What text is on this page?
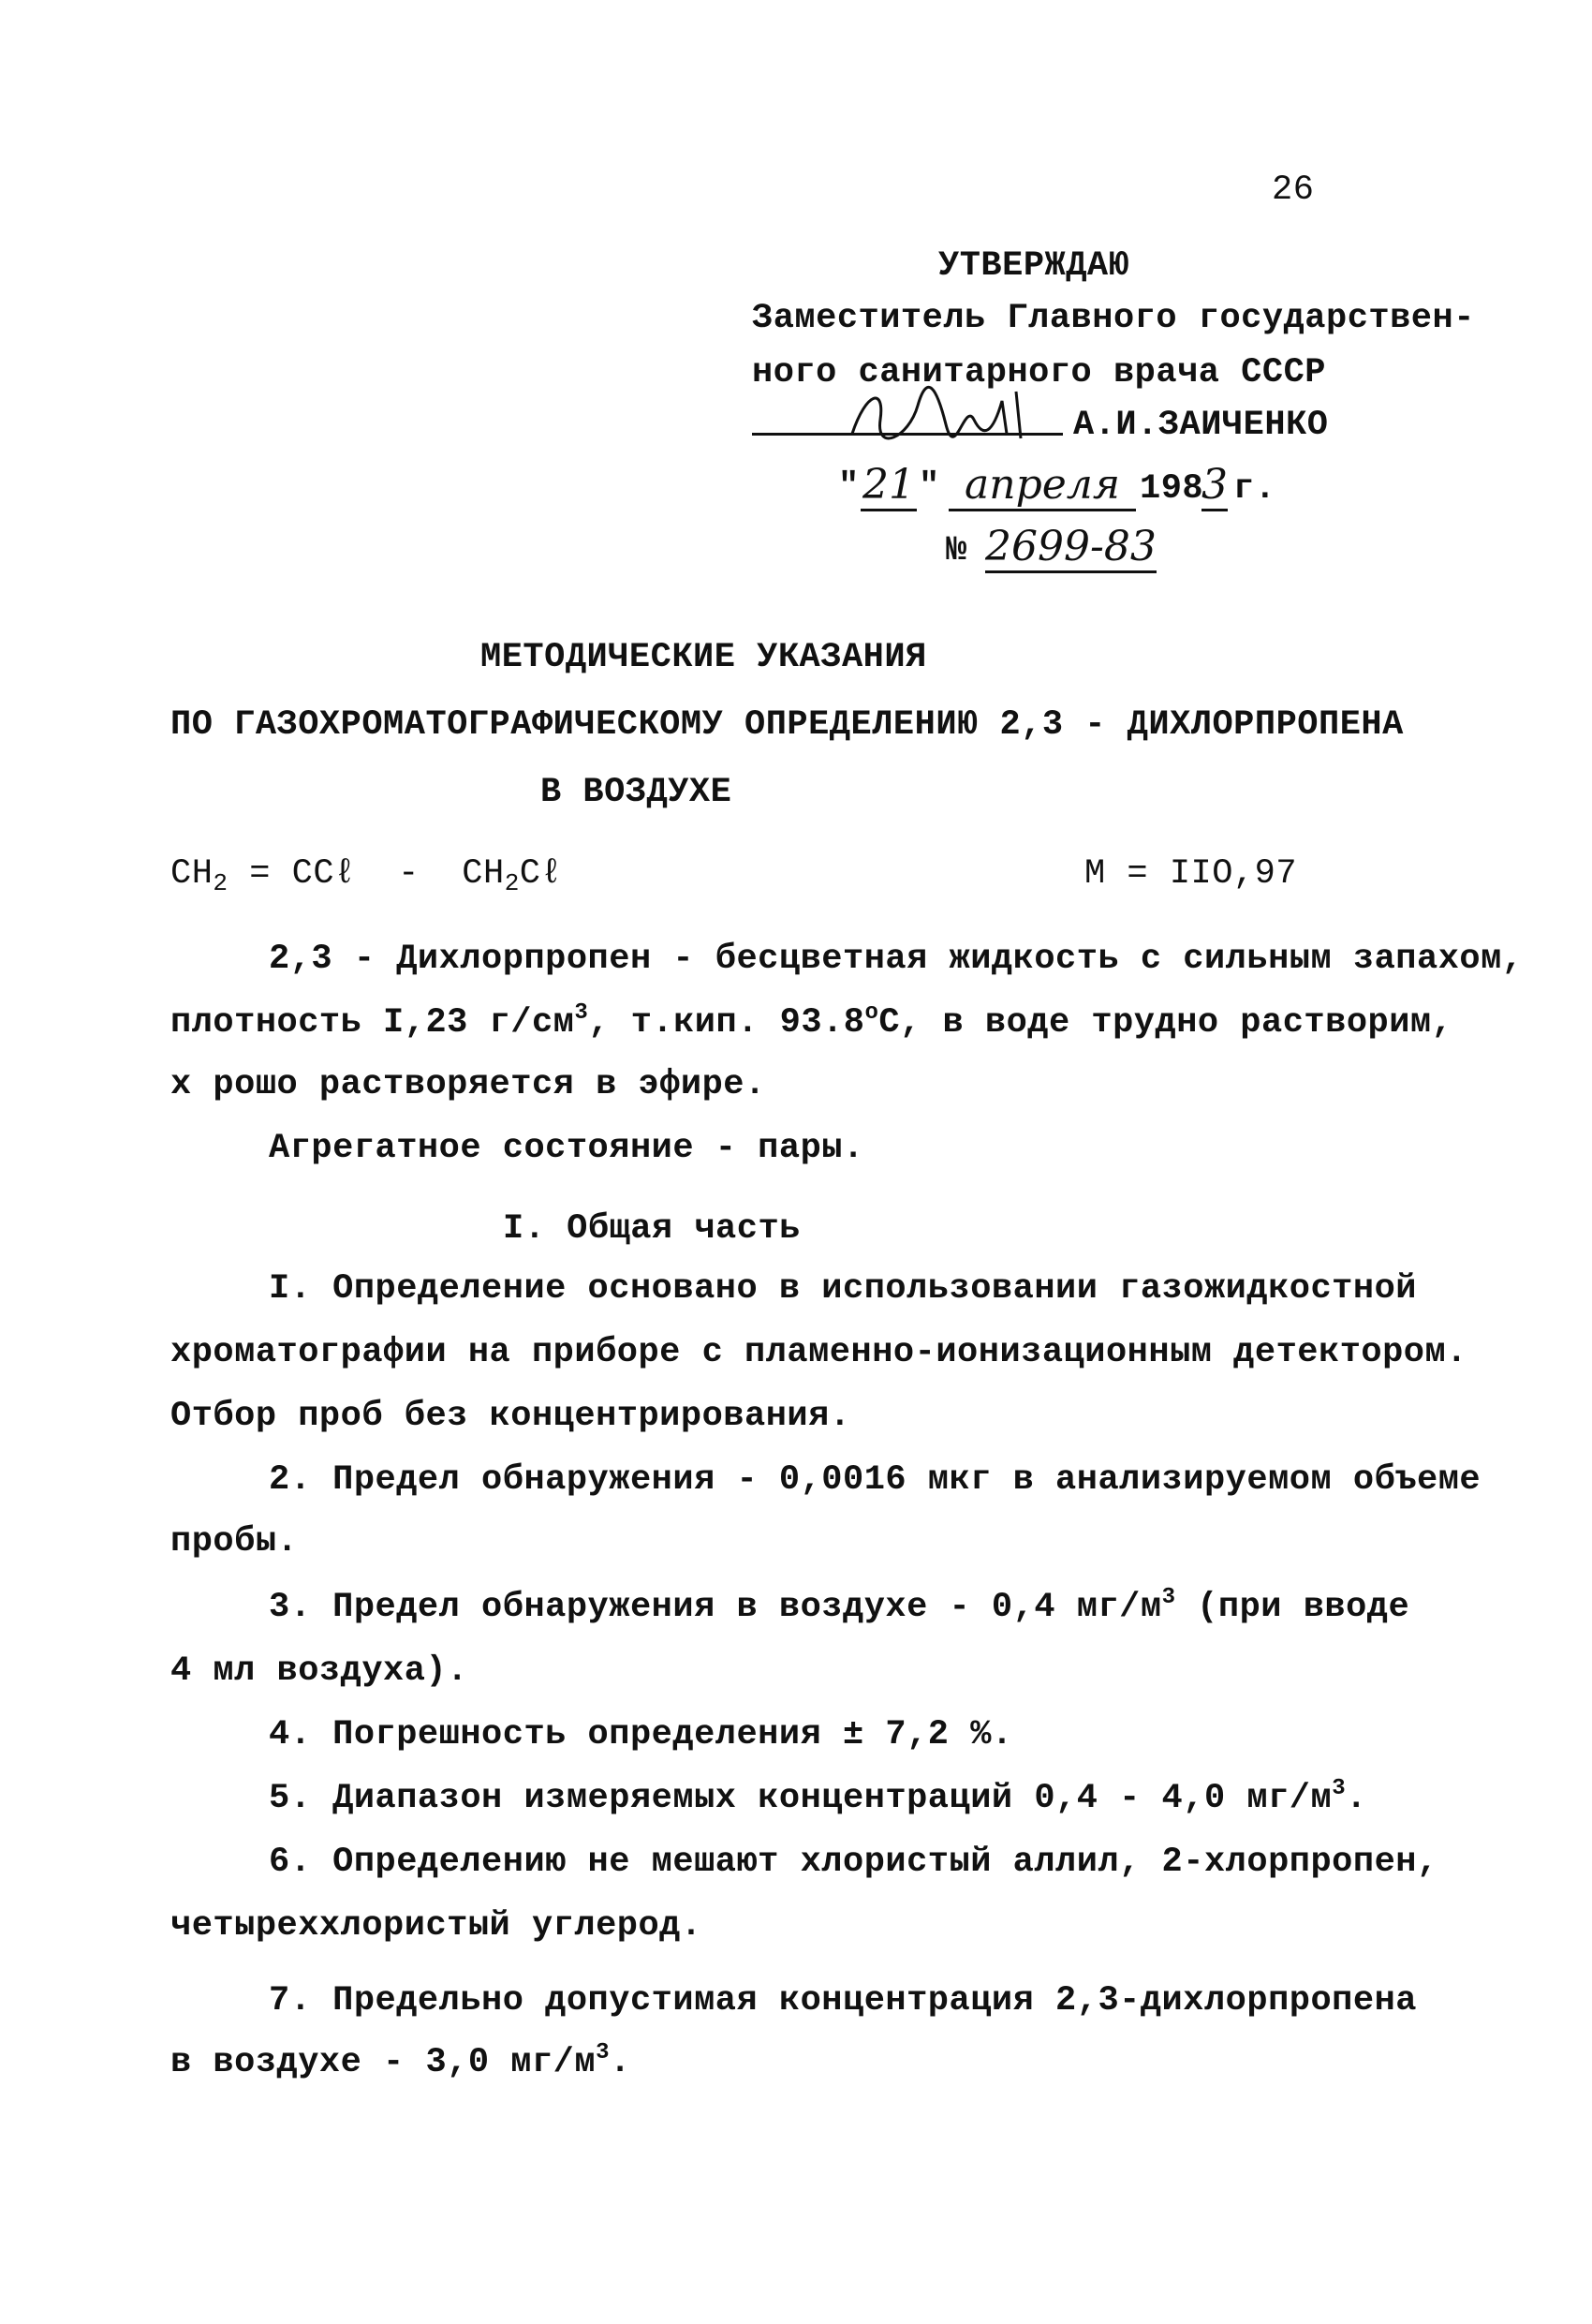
26
УТВЕРЖДАЮ
Заместитель Главного государствен-
ного санитарного врача СССР
А.И.ЗАИЧЕНКО
" 21 " апреля 198
3 г.
№ 2699-83
МЕТОДИЧЕСКИЕ УКАЗАНИЯ
ПО ГАЗОХРОМАТОГРАФИЧЕСКОМУ ОПРЕДЕЛЕНИЮ 2,3 - ДИХЛОРПРОПЕНА
В ВОЗДУХЕ
$CH_2$ = CCℓ  -  $CH_2C\ell$	M = IIO,97
2,3 - Дихлорпропен - бесцветная жидкость с сильным запахом,
плотность I,23 $г/см^3$, т.кип. $93.8^оС$, в воде трудно растворим,
х рошо растворяется в эфире.
Агрегатное состояние - пары.
I. Общая часть
I. Определение основано в использовании газожидкостной
хроматографии на приборе с пламенно-ионизационным детектором.
Отбор проб без концентрирования.
2. Предел обнаружения - 0,0016 мкг в анализируемом объеме
пробы.
3. Предел обнаружения в воздухе - 0,4 $мг/м^3$ (при вводе
4 мл воздуха).
4. Погрешность определения ± 7,2 %.
5. Диапазон измеряемых концентраций 0,4 - 4,0 $мг/м^3$.
6. Определению не мешают хлористый аллил, 2-хлорпропен,
четыреххлористый углерод.
7. Предельно допустимая концентрация 2,3-дихлорпропена
в воздухе - 3,0 $мг/м^3$.
